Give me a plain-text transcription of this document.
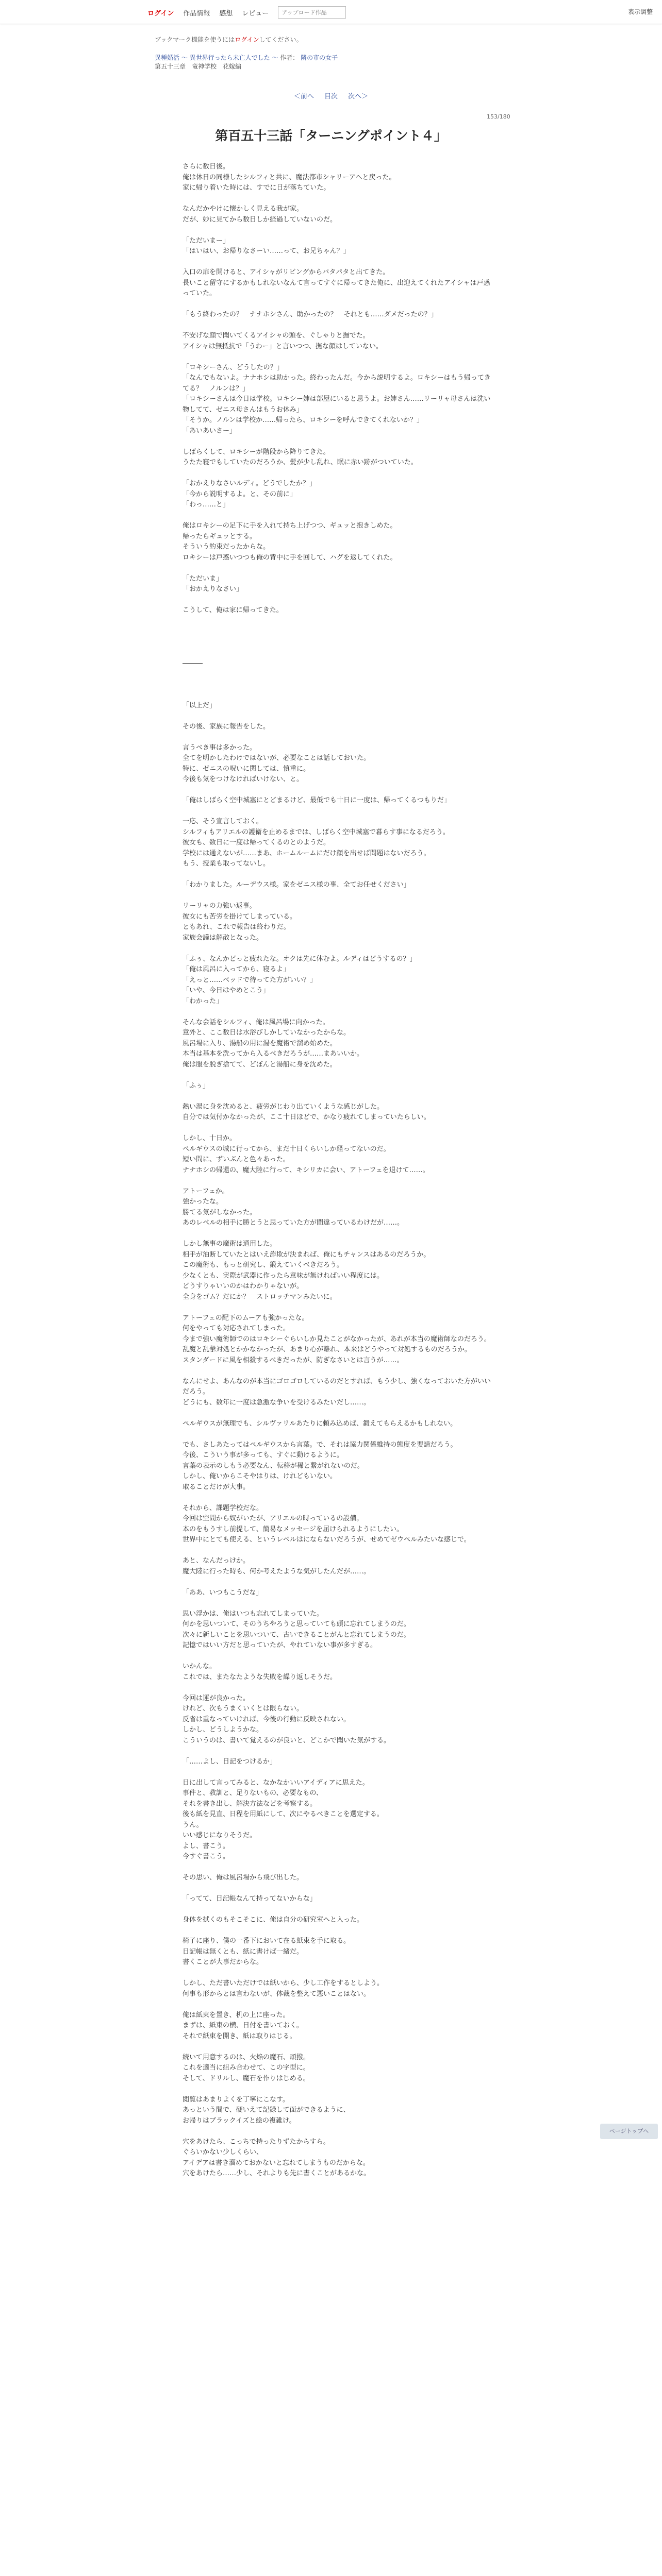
ログイン 作品情報 感想 レビュー
アップロード作品	表示調整
ブックマーク機能を使うにはログインしてください。
異種婚活 ～ 異世界行ったら未亡人でした ～ 作者： 隣の市の女子
第五十三章　竜神学校　花嫁編
＜前へ 目次 次へ＞
153/180
第百五十三話「ターニングポイント４」

さらに数日後。

俺は休日の同様したシルフィと共に、魔法都市シャリーアへと戻った。

家に帰り着いた時には、すでに日が落ちていた。

なんだかやけに懐かしく見える我が家。

だが、妙に見てから数日しか経過していないのだ。

「ただいまー」

「はいはい、お帰りなさーい……って、お兄ちゃん？」

入口の扉を開けると、アイシャがリビングからパタパタと出てきた。

長いこと留守にするかもしれないなんて言ってすぐに帰ってきた俺に、出迎えてくれたアイシャは戸惑っていた。

「もう終わったの？　ナナホシさん、助かったの？　それとも……ダメだったの？」

不安げな顔で聞いてくるアイシャの頭を、ぐしゃりと撫でた。

アイシャは無抵抗で「うわー」と言いつつ、撫な顔はしていない。

「ロキシーさん、どうしたの？」

「なんでもないよ。ナナホシは助かった。終わったんだ。今から説明するよ。ロキシーはもう帰ってきてる？　ノルンは？」

「ロキシーさんは今日は学校。ロキシー姉は部屋にいると思うよ。お姉さん……リーリャ母さんは洗い物してて、ゼニス母さんはもうお休み」

「そうか。ノルンは学校か……帰ったら、ロキシーを呼んできてくれないか？」

「あいあいさー」

しばらくして、ロキシーが階段から降りてきた。

うたた寝でもしていたのだろうか、髪が少し乱れ、眠に赤い跡がついていた。

「おかえりなさいルディ。どうでしたか？」

「今から説明するよ。と、その前に」

「わっ……と」

俺はロキシーの足下に手を入れて持ち上げつつ、ギュッと抱きしめた。

帰ったらギュッとする。

そういう約束だったからな。

ロキシーは戸惑いつつも俺の背中に手を回して、ハグを返してくれた。

「ただいま」

「おかえりなさい」

こうして、俺は家に帰ってきた。

―――

「以上だ」

その後、家族に報告をした。

言うべき事は多かった。

全てを明かしたわけではないが、必要なことは話しておいた。

特に、ゼニスの呪いに関しては、慎重に。

今後も気をつけなければいけない、と。

「俺はしばらく空中城塞にとどまるけど、最低でも十日に一度は、帰ってくるつもりだ」

一応、そう宣言しておく。

シルフィもアリエルの護衛を止めるまでは、しばらく空中城塞で暮らす事になるだろう。

彼女も、数日に一度は帰ってくるのとのようだ。

学校には通えないが……まあ、ホームルームにだけ顔を出せば問題はないだろう。

もう、授業も取ってないし。

「わかりました。ルーデウス様。家をゼニス様の事、全てお任せください」

リーリャの力強い返事。

彼女にも苦労を掛けてしまっている。

ともあれ、これで報告は終わりだ。

家族会議は解散となった。

「ふぅ、なんかどっと疲れたな。オクは先に休むよ。ルディはどうするの？」

「俺は風呂に入ってから、寝るよ」

「えっと……ベッドで待ってた方がいい？」

「いや、今日はやめとこう」

「わかった」

そんな会話をシルフィ、俺は風呂場に向かった。

意外と、ここ数日は水浴びしかしていなかったからな。

風呂場に入り、湯船の用に湯を魔術で溜め始めた。

本当は基本を洗ってから入るべきだろうが……まあいいか。

俺は服を脱ぎ捨てて、どぼんと湯船に身を沈めた。

「ふぅ」

熱い湯に身を沈めると、疲労がじわり出ていくような感じがした。

自分では気付かなかったが、ここ十日ほどで、かなり疲れてしまっていたらしい。

しかし、十日か。

ペルギウスの城に行ってから、まだ十日くらいしか経ってないのだ。

短い間に、ずいぶんと色々あった。

ナナホシの帰還の、魔大陸に行って、キシリカに会い、アトーフェを退けて……。

アトーフェか。

強かったな。

勝てる気がしなかった。

あのレベルの相手に勝とうと思っていた方が間違っているわけだが……。

しかし無事の魔術は通用した。

相手が油断していたとはいえ詐欺が決まれば、俺にもチャンスはあるのだろうか。

この魔術も、もっと研究し、鍛えていくべきだろう。

少なくとも、実際が武器に作ったら意味が無ければいい程度には。

どうすりゃいいのかはわかりゃないが。

全身をゴム？だにか？　ストロッチマンみたいに。

アトーフェの配下のムーアも強かったな。

何をやっても対応されてしまった。

今まで強い魔術師でのはロキシーぐらいしか見たことがなかったが、あれが本当の魔術師なのだろう。

乱魔と乱撃対処とかかなかったが、あまり心が離れ、本来はどうやって対処するものだろうか。

スタンダードに風を相殺するべきだったが、防ぎなさいとは言うが……。

なんにせよ、あんなのが本当にゴロゴロしているのだとすれば、もう少し、強くなっておいた方がいいだろう。

どうにも、数年に一度は急激な争いを受けるみたいだし……。

ペルギウスが無理でも、シルヴァリルあたりに頼み込めば、鍛えてもらえるかもしれない。

でも、さしあたってはペルギウスから言葉。で、それは協力関係維持の態度を要請だろう。

今後、こういう事が多っても、すぐに動けるように。

言葉の表示のしもう必要なん、転移が稀と繋がれないのだ。

しかし、俺いからこそやはりは、けれどもいない。

取ることだけが大事。

それから、課題学校だな。

今回は空間から奴がいたが、アリエルの時っているの設備。

本のをもうすし前提して、簡易なメッセージを届けられるようにしたい。

世界中にとても使える、というレベルはにならないだろうが、せめてゼウペルみたいな感じで。

あと、なんだっけか。

魔大陸に行った時も、何か考えたような気がしたんだが……。

「ああ、いつもこうだな」

思い浮かは、俺はいつも忘れてしまっていた。

何かを思いついて、そのうちやろうと思っていても頭に忘れてしまうのだ。

次々に新しいことを思いついて、古いできることがんと忘れてしまうのだ。

記憶ではいい方だと思っていたが、やれていない事が多すぎる。

いかんな。

これでは、またなたような失敗を繰り返しそうだ。

今回は運が良かった。

けれど、次もうまくいくとは限らない。

反省は重なっていければ、今後の行動に反映されない。

しかし、どうしようかな。

こういうのは、書いて覚えるのが良いと、どこかで聞いた気がする。

「……よし、日記をつけるか」

日に出して言ってみると、なかなかいいアイディアに思えた。

事件と、教訓と、足りないもの、必要なもの、

それを書き出し、解決方法などを考察する。

後も紙を見直、日程を用紙にして、次にやるべきことを選定する。

うん。

いい感じになりそうだ。

よし、書こう。

今すぐ書こう。

その思い、俺は風呂場から飛び出した。

「ってて、日記帳なんて持ってないからな」

身体を拭くのもそこそこに、俺は自分の研究室へと入った。

椅子に座り、僕の一番下において在る紙束を手に取る。

日記帳は無くとも、紙に書けば一緒だ。

書くことが大事だからな。

しかし、ただ書いただけでは紙いから、少し工作をするとしよう。

何事も形からとは言わないが、体裁を整えて悪いことはない。

俺は紙束を置き、机の上に座った。

まずは、紙束の横、日付を書いておく。

それで紙束を開き、紙は取りはじる。

続いて用意するのは、火焔の魔石、頑撥。

これを適当に組み合わせて、この字型に。

そして、ドリルし、魔石を作りはじめる。

閲覧はあまりよくを丁寧にこなす。

あっという間で、硬いえて記録して面ができるように、

お帰りはブラックイズと絵の複雑け。

穴をあけたら、こっちで持ったりずたからすら。

ぐらいかない少しくらい、

アイデアは書き溜めておかないと忘れてしまうものだからな。

穴をあけたら……少し、それよりも先に書くことがあるかな。

ページトップへ
